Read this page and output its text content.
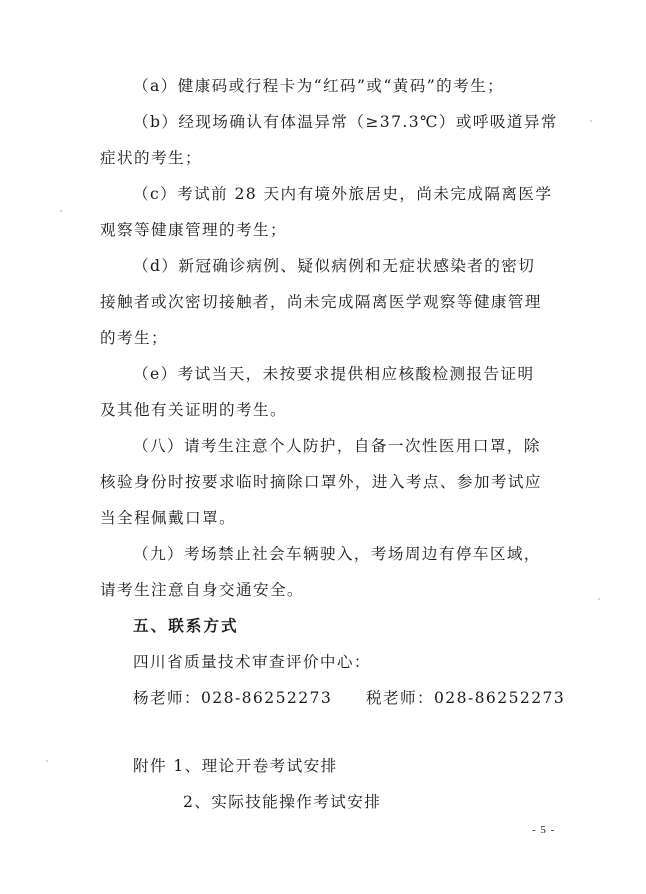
（a）健康码或行程卡为“红码”或“黄码”的考生；
（b）经现场确认有体温异常（≥37.3℃）或呼吸道异常
症状的考生；
（c）考试前 28 天内有境外旅居史，尚未完成隔离医学
观察等健康管理的考生；
（d）新冠确诊病例、疑似病例和无症状感染者的密切
接触者或次密切接触者，尚未完成隔离医学观察等健康管理
的考生；
（e）考试当天，未按要求提供相应核酸检测报告证明
及其他有关证明的考生。
（八）请考生注意个人防护，自备一次性医用口罩，除
核验身份时按要求临时摘除口罩外，进入考点、参加考试应
当全程佩戴口罩。
（九）考场禁止社会车辆驶入，考场周边有停车区域，
请考生注意自身交通安全。
五、联系方式
四川省质量技术审查评价中心：
杨老师：028-86252273 税老师：028-86252273
附件 1、理论开卷考试安排
2、实际技能操作考试安排
- 5 -
